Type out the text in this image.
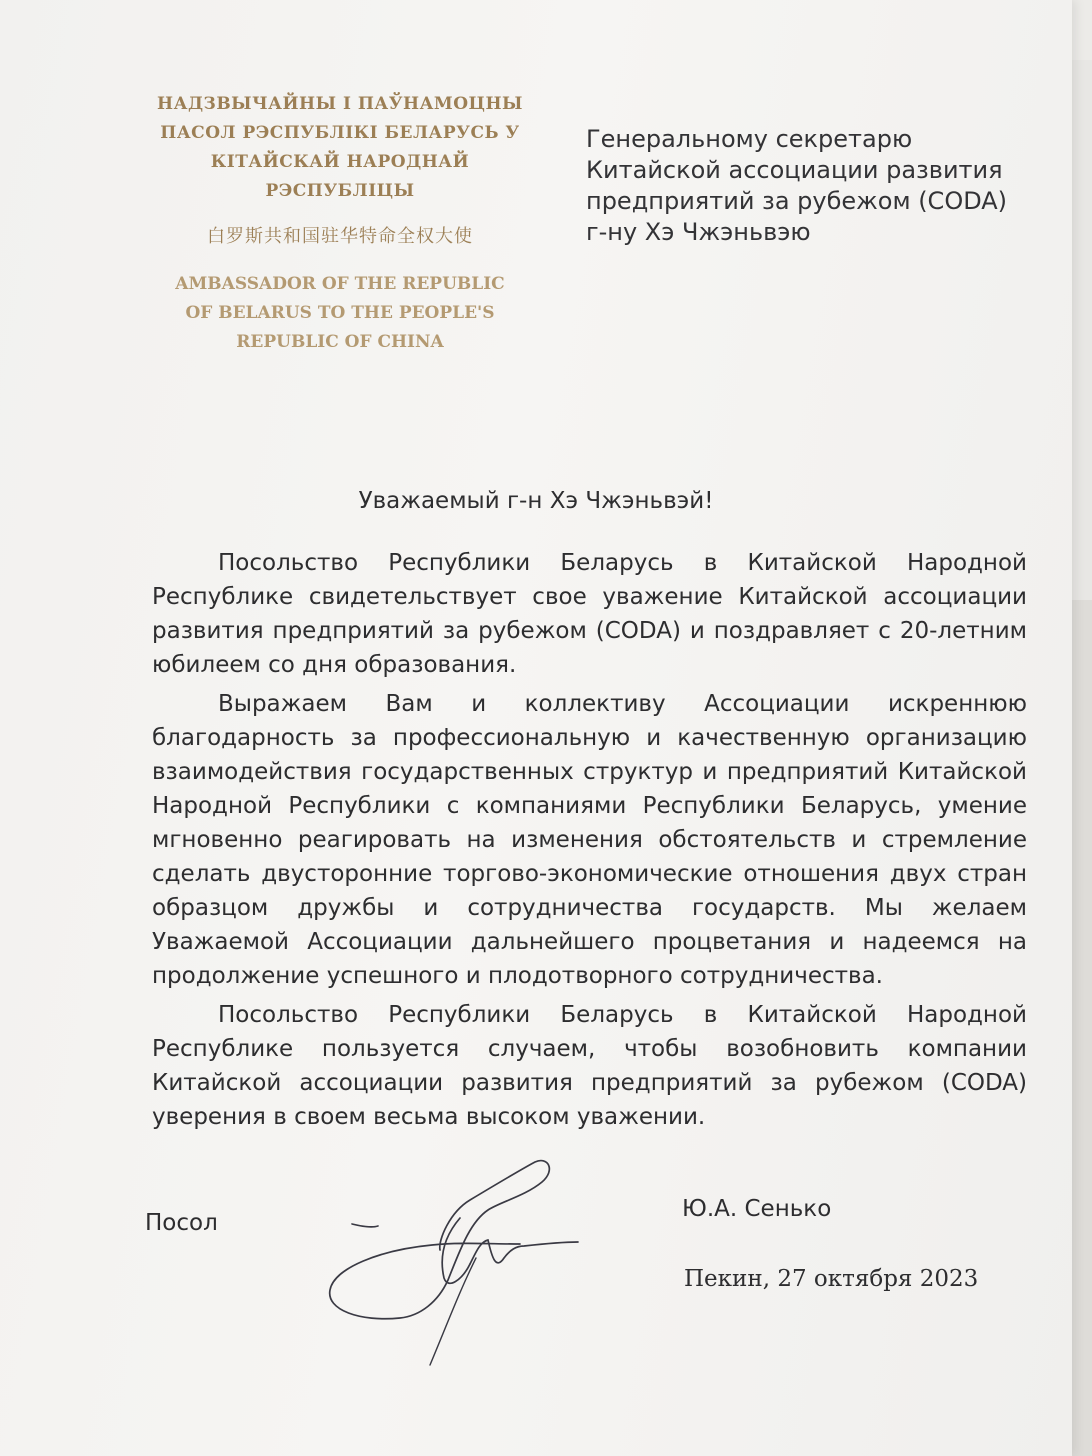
НАДЗВЫЧАЙНЫ І ПАЎНАМОЦНЫ
ПАСОЛ РЭСПУБЛІКІ БЕЛАРУСЬ У
КІТАЙСКАЙ НАРОДНАЙ
РЭСПУБЛІЦЫ
白罗斯共和国驻华特命全权大使
AMBASSADOR OF THE REPUBLIC
OF BELARUS TO THE PEOPLE'S
REPUBLIC OF CHINA
Генеральному секретарю
Китайской ассоциации развития
предприятий за рубежом (CODA)
г-ну Хэ Чжэньвэю
Уважаемый г-н Хэ Чжэньвэй!

Посольство Республики Беларусь в Китайской Народной Республике свидетельствует свое уважение Китайской ассоциации развития предприятий за рубежом (CODA) и поздравляет с 20-летним юбилеем со дня образования.

Выражаем Вам и коллективу Ассоциации искреннюю благодарность за профессиональную и качественную организацию взаимодействия государственных структур и предприятий Китайской Народной Республики с компаниями Республики Беларусь, умение мгновенно реагировать на изменения обстоятельств и стремление сделать двусторонние торгово-экономические отношения двух стран образцом дружбы и сотрудничества государств. Мы желаем Уважаемой Ассоциации дальнейшего процветания и надеемся на продолжение успешного и плодотворного сотрудничества.

Посольство Республики Беларусь в Китайской Народной Республике пользуется случаем, чтобы возобновить компании Китайской ассоциации развития предприятий за рубежом (CODA) уверения в своем весьма высоком уважении.

Посол
Ю.А. Сенько
Пекин, 27 октября 2023
